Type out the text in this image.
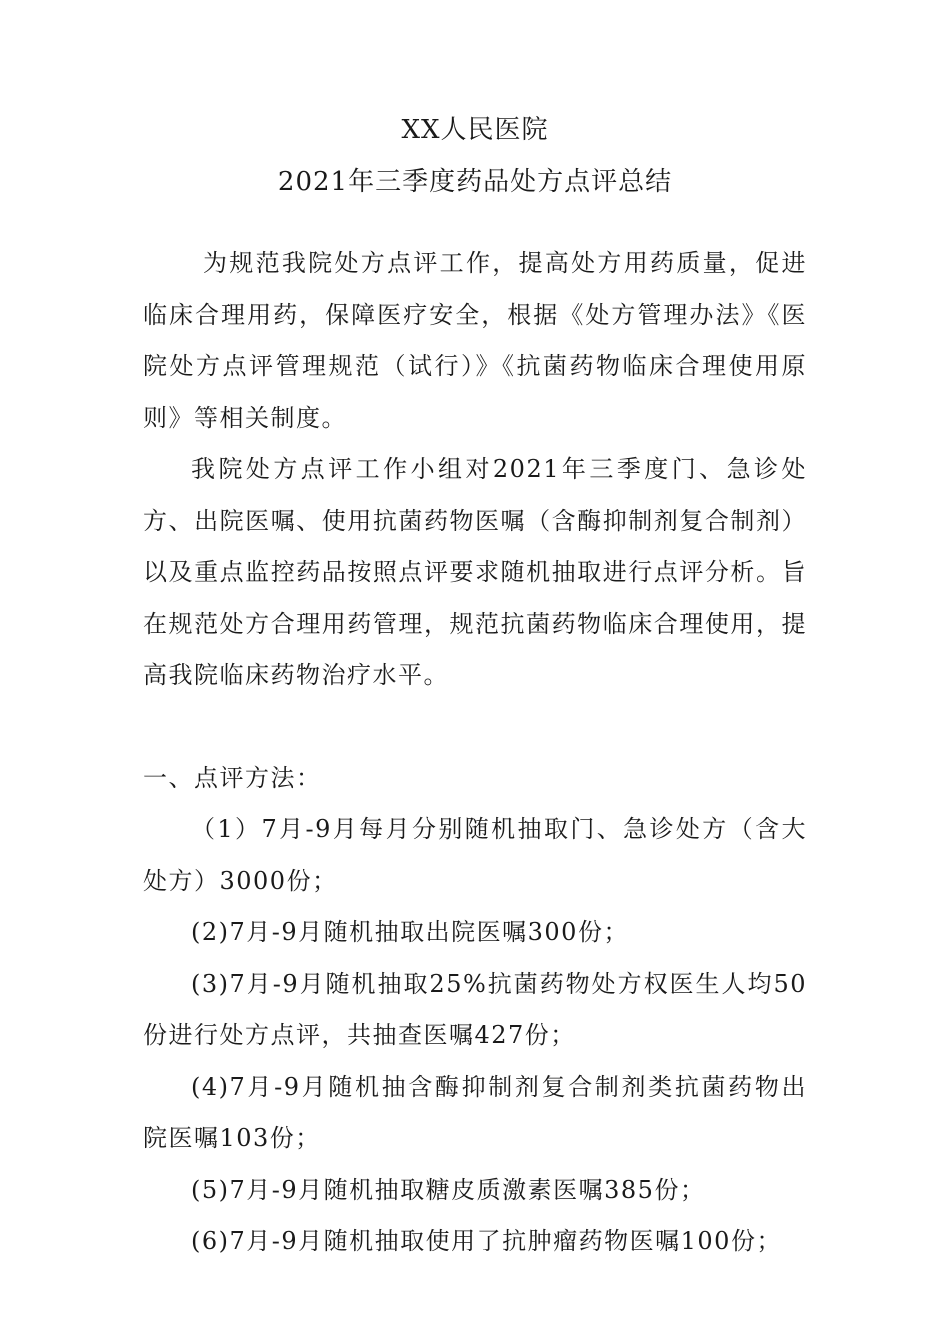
XX人民医院
2021年三季度药品处方点评总结

为规范我院处方点评工作，提高处方用药质量，促进临床合理用药，保障医疗安全，根据《处方管理办法》《医院处方点评管理规范（试行）》《抗菌药物临床合理使用原则》等相关制度。

我院处方点评工作小组对2021年三季度门、急诊处方、出院医嘱、使用抗菌药物医嘱（含酶抑制剂复合制剂）以及重点监控药品按照点评要求随机抽取进行点评分析。旨在规范处方合理用药管理，规范抗菌药物临床合理使用，提高我院临床药物治疗水平。

一、点评方法：

（1）7月-9月每月分别随机抽取门、急诊处方（含大处方）3000份；

(2)7月-9月随机抽取出院医嘱300份；

(3)7月-9月随机抽取25%抗菌药物处方权医生人均50份进行处方点评，共抽查医嘱427份；

(4)7月-9月随机抽含酶抑制剂复合制剂类抗菌药物出院医嘱103份；

(5)7月-9月随机抽取糖皮质激素医嘱385份；

(6)7月-9月随机抽取使用了抗肿瘤药物医嘱100份；
